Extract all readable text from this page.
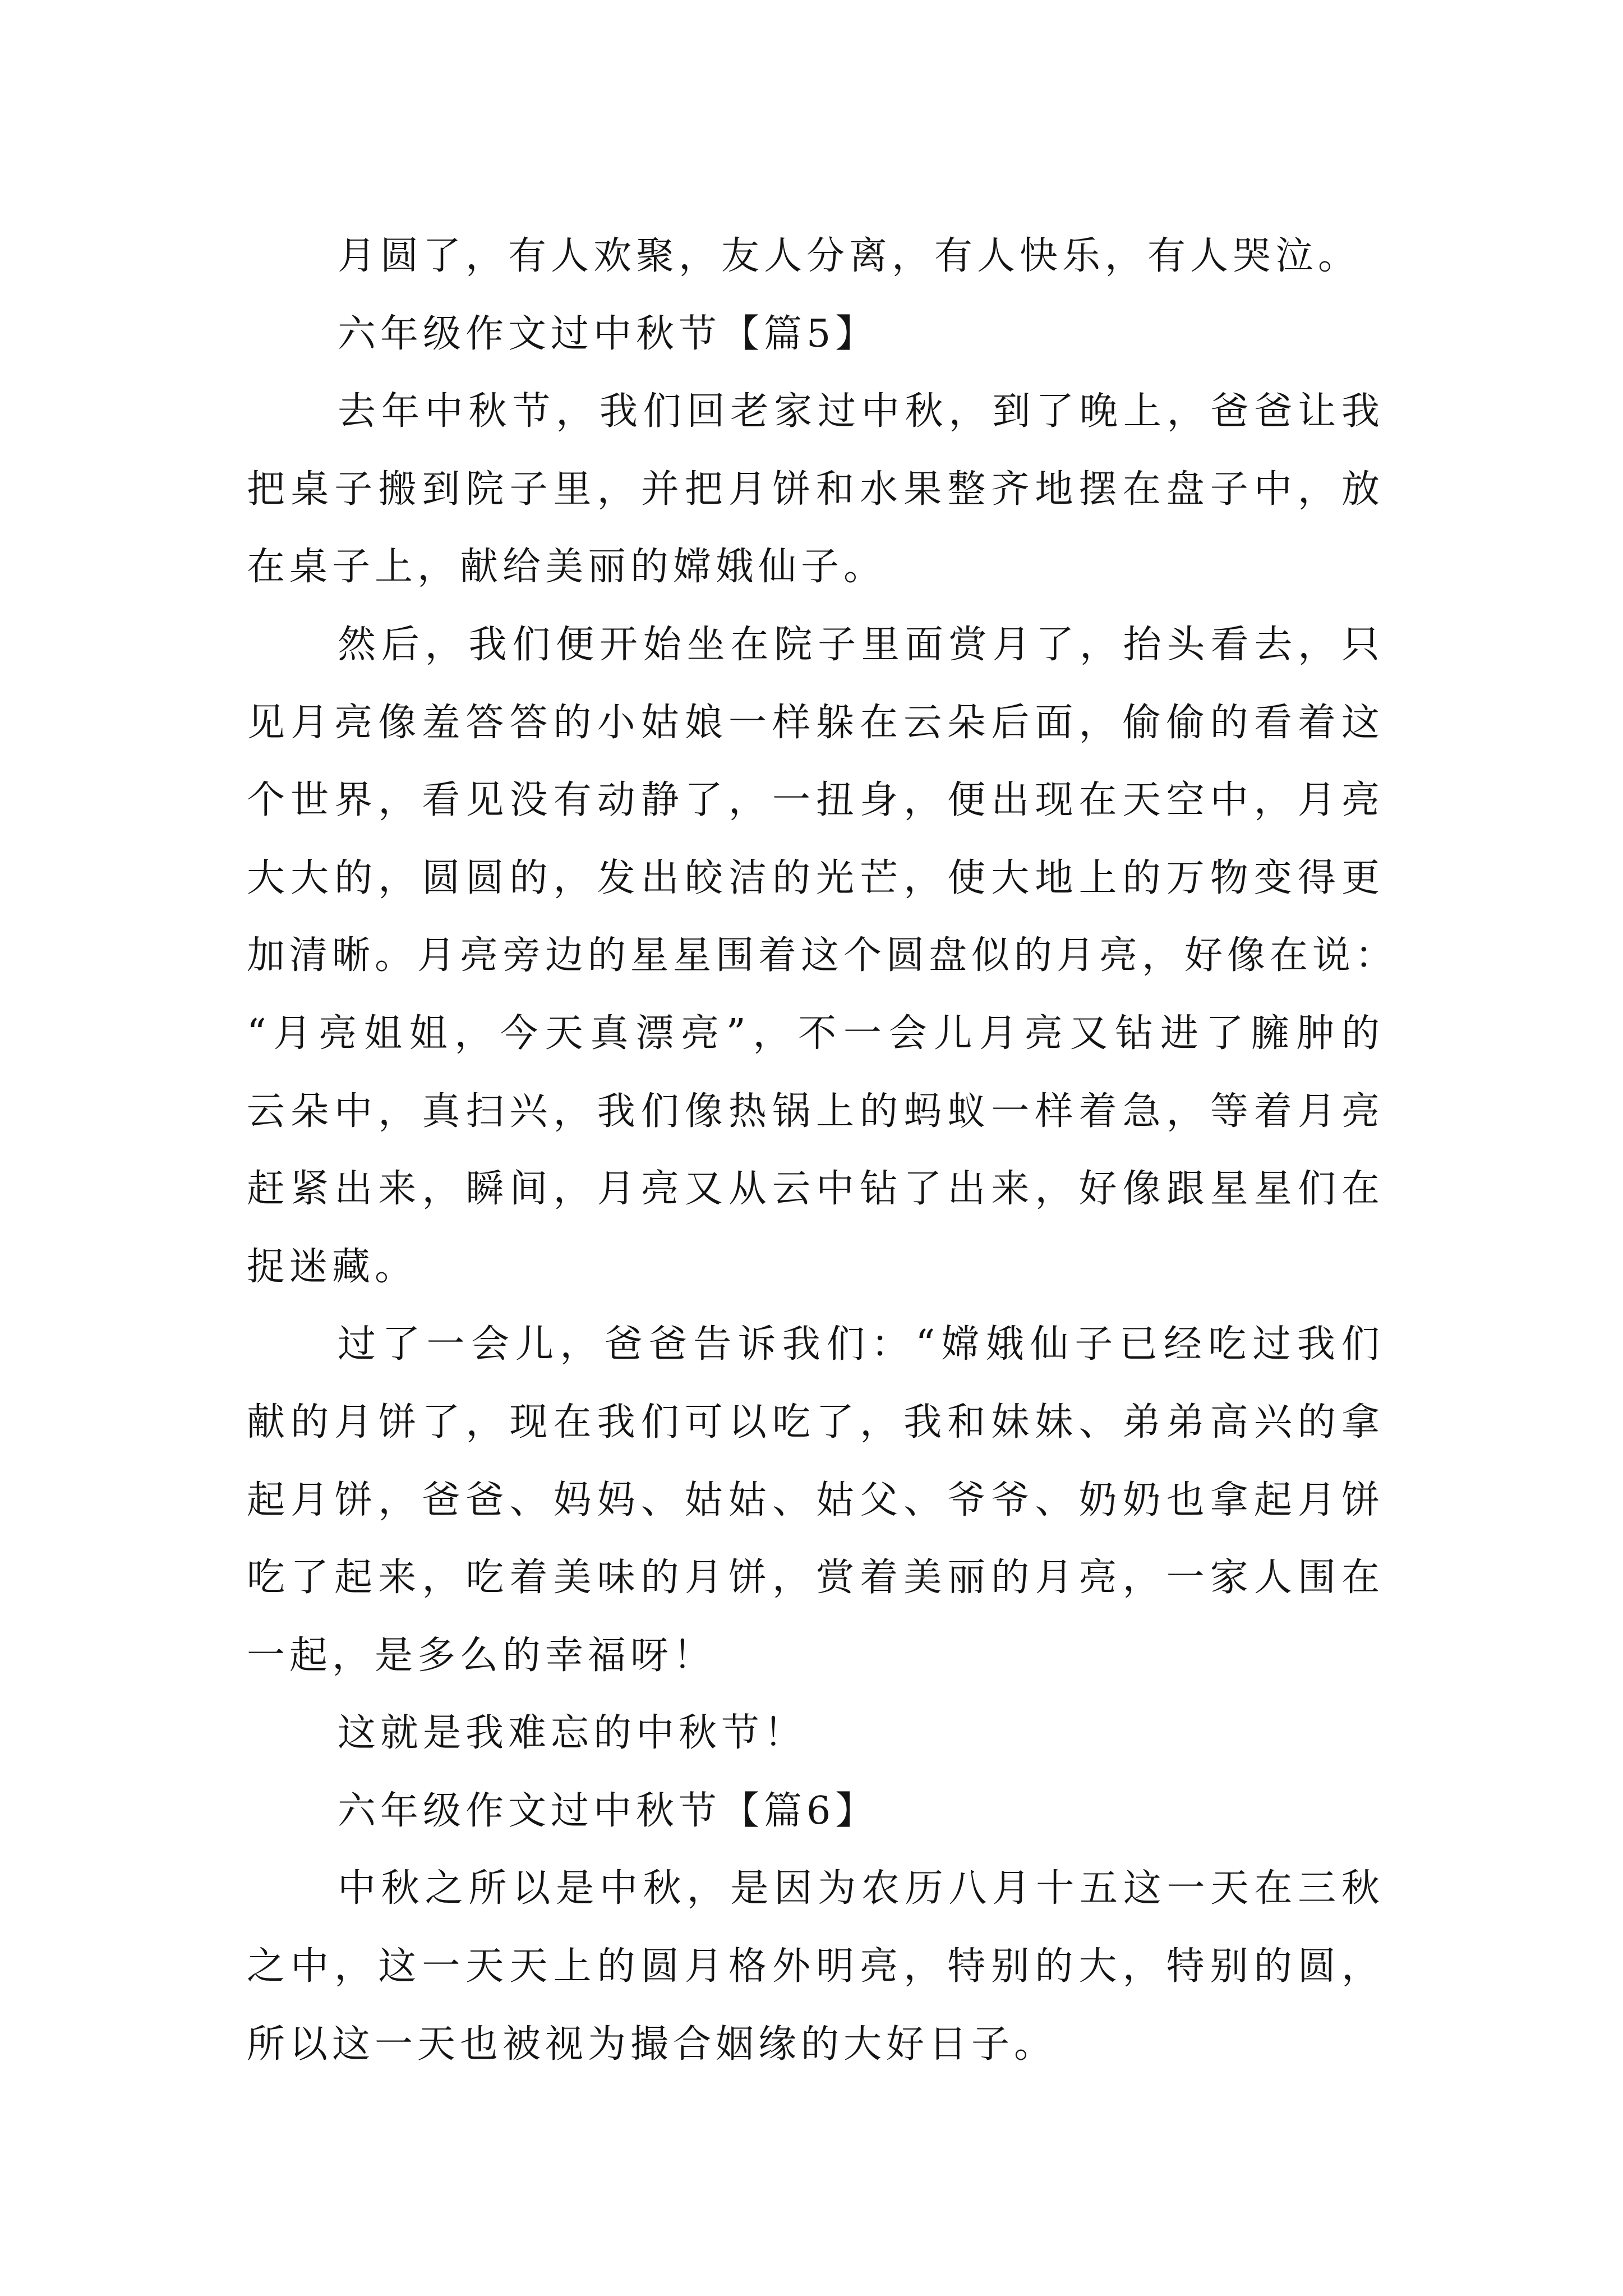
月圆了，有人欢聚，友人分离，有人快乐，有人哭泣。
六年级作文过中秋节【篇5】
去年中秋节，我们回老家过中秋，到了晚上，爸爸让我
把桌子搬到院子里，并把月饼和水果整齐地摆在盘子中，放
在桌子上，献给美丽的嫦娥仙子。
然后，我们便开始坐在院子里面赏月了，抬头看去，只
见月亮像羞答答的小姑娘一样躲在云朵后面，偷偷的看着这
个世界，看见没有动静了，一扭身，便出现在天空中，月亮
大大的，圆圆的，发出皎洁的光芒，使大地上的万物变得更
加清晰。月亮旁边的星星围着这个圆盘似的月亮，好像在说：
“月亮姐姐，今天真漂亮”，不一会儿月亮又钻进了臃肿的
云朵中，真扫兴，我们像热锅上的蚂蚁一样着急，等着月亮
赶紧出来，瞬间，月亮又从云中钻了出来，好像跟星星们在
捉迷藏。
过了一会儿，爸爸告诉我们：“嫦娥仙子已经吃过我们
献的月饼了，现在我们可以吃了，我和妹妹、弟弟高兴的拿
起月饼，爸爸、妈妈、姑姑、姑父、爷爷、奶奶也拿起月饼
吃了起来，吃着美味的月饼，赏着美丽的月亮，一家人围在
一起，是多么的幸福呀！
这就是我难忘的中秋节！
六年级作文过中秋节【篇6】
中秋之所以是中秋，是因为农历八月十五这一天在三秋
之中，这一天天上的圆月格外明亮，特别的大，特别的圆，
所以这一天也被视为撮合姻缘的大好日子。
